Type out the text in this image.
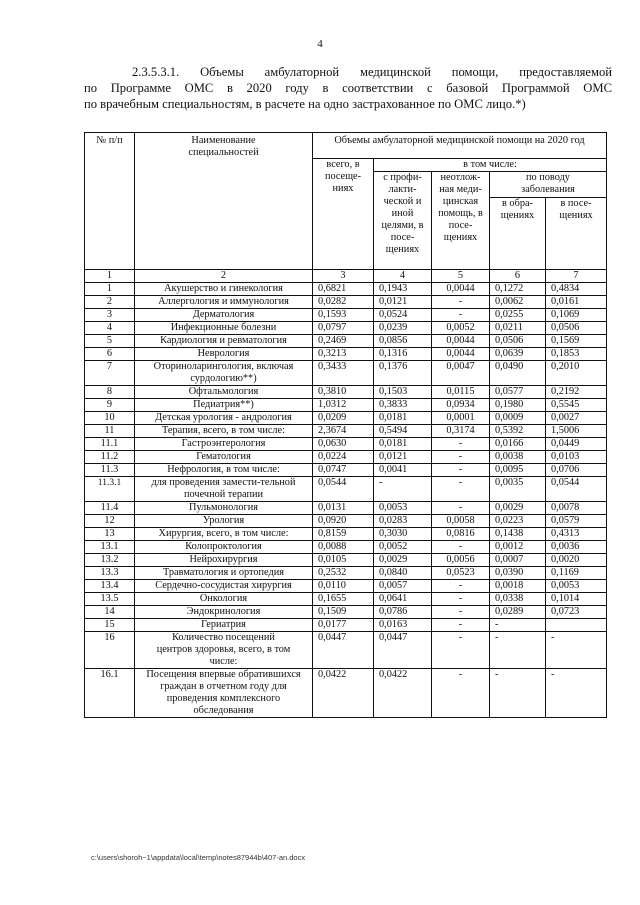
4

2.3.5.3.1. Объемы амбулаторной медицинской помощи, предоставляемой

по Программе ОМС в 2020 году в соответствии с базовой Программой ОМС

по врачебным специальностям, в расчете на одно застрахованное по ОМС лицо.*)

№ п/п	Наименование специальностей	Объемы амбулаторной медицинской помощи на 2020 год				
		всего, в посеще-ниях	в том числе:			
			с профи-лакти-ческой и иной целями, в посе-щениях	неотлож-ная меди-цинская помощь, в посе-щениях	по поводу заболевания	
					в обра-щениях	в посе-щениях
1	2	3	4	5	6	7
1	Акушерство и гинекология	0,6821	0,1943	0,0044	0,1272	0,4834
2	Аллергология и иммунология	0,0282	0,0121	-	0,0062	0,0161
3	Дерматология	0,1593	0,0524	-	0,0255	0,1069
4	Инфекционные болезни	0,0797	0,0239	0,0052	0,0211	0,0506
5	Кардиология и ревматология	0,2469	0,0856	0,0044	0,0506	0,1569
6	Неврология	0,3213	0,1316	0,0044	0,0639	0,1853
7	Оториноларингология, включая сурдологию**)	0,3433	0,1376	0,0047	0,0490	0,2010
8	Офтальмология	0,3810	0,1503	0,0115	0,0577	0,2192
9	Педиатрия**)	1,0312	0,3833	0,0934	0,1980	0,5545
10	Детская урология - андрология	0,0209	0,0181	0,0001	0,0009	0,0027
11	Терапия, всего, в том числе:	2,3674	0,5494	0,3174	0,5392	1,5006
11.1	Гастроэнтерология	0,0630	0,0181	-	0,0166	0,0449
11.2	Гематология	0,0224	0,0121	-	0,0038	0,0103
11.3	Нефрология, в том числе:	0,0747	0,0041	-	0,0095	0,0706
11.3.1	для проведения замести-тельной почечной терапии	0,0544	-	-	0,0035	0,0544
11.4	Пульмонология	0,0131	0,0053	-	0,0029	0,0078
12	Урология	0,0920	0,0283	0,0058	0,0223	0,0579
13	Хирургия, всего, в том числе:	0,8159	0,3030	0,0816	0,1438	0,4313
13.1	Колопроктология	0,0088	0,0052	-	0,0012	0,0036
13.2	Нейрохирургия	0,0105	0,0029	0,0056	0,0007	0,0020
13.3	Травматология и ортопедия	0,2532	0,0840	0,0523	0,0390	0,1169
13.4	Сердечно-сосудистая хирургия	0,0110	0,0057	-	0,0018	0,0053
13.5	Онкология	0,1655	0,0641	-	0,0338	0,1014
14	Эндокринология	0,1509	0,0786	-	0,0289	0,0723
15	Гериатрия	0,0177	0,0163	-	-	
16	Количество посещений центров здоровья, всего, в том числе:	0,0447	0,0447	-	-	-
16.1	Посещения впервые обратившихся граждан в отчетном году для проведения комплексного обследования	0,0422	0,0422	-	-	-
c:\users\shoroh~1\appdata\local\temp\notes87944b\407-an.docx
